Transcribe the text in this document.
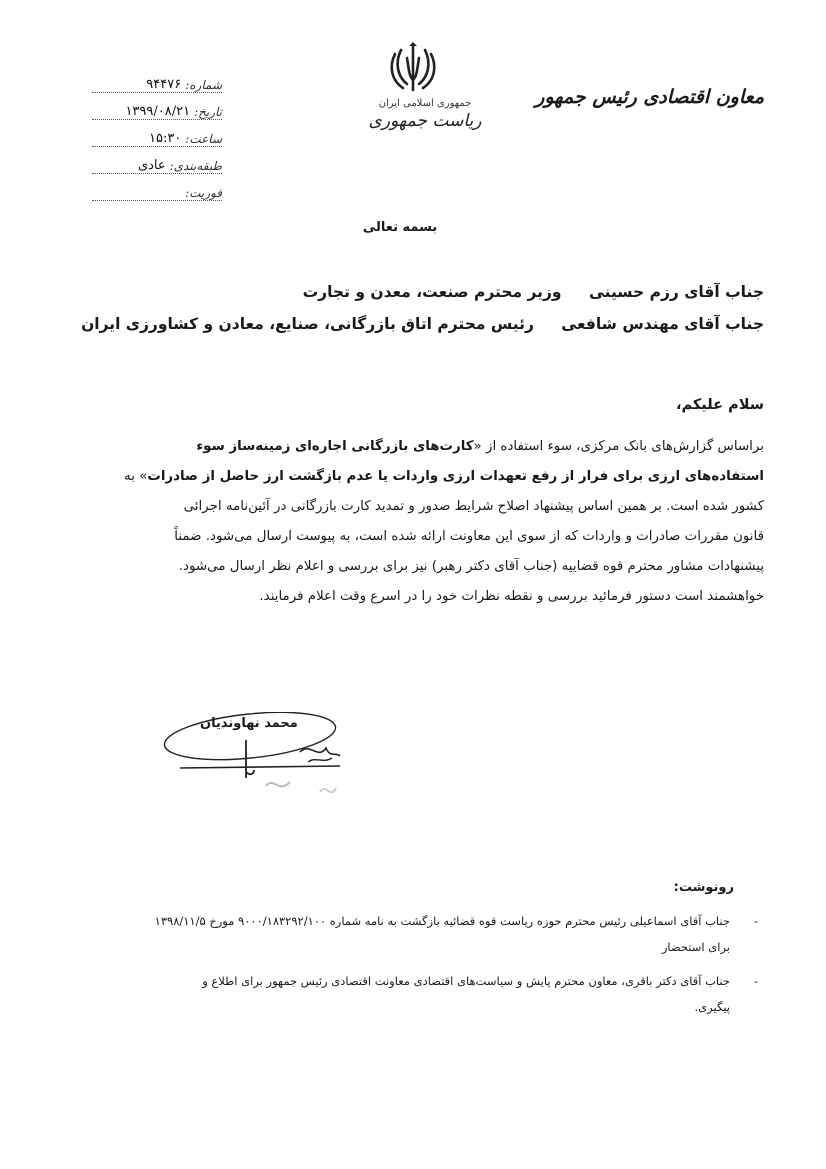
جمهوری اسلامی ایران
ریاست جمهوری
معاون اقتصادی رئیس جمهور
شماره:
۹۴۴۷۶
تاریخ:
۱۳۹۹/۰۸/۲۱
ساعت:
۱۵:۳۰
طبقه‌بندی:
عادی
فوریت:
بسمه تعالی
جناب آقای رزم حسینی وزیر محترم صنعت، معدن و تجارت
جناب آقای مهندس شافعی رئیس محترم اتاق بازرگانی، صنایع، معادن و کشاورزی ایران
سلام علیکم،
براساس گزارش‌های بانک مرکزی، سوء استفاده از «کارت‌های بازرگانی اجاره‌ای زمینه‌ساز سوء
استفاده‌های ارزی برای فرار از رفع تعهدات ارزی واردات یا عدم بازگشت ارز حاصل از صادرات» به
کشور شده است. بر همین اساس پیشنهاد اصلاح شرایط صدور و تمدید کارت بازرگانی در آئین‌نامه اجرائی
قانون مقررات صادرات و واردات که از سوی این معاونت ارائه شده است، به پیوست ارسال می‌شود. ضمناً
پیشنهادات مشاور محترم قوه قضاییه (جناب آقای دکتر رهبر) نیز برای بررسی و اعلام نظر ارسال می‌شود.
خواهشمند است دستور فرمائید بررسی و نقطه نظرات خود را در اسرع وقت اعلام فرمایند.
محمد نهاوندیان
رونوشت:
-
جناب آقای اسماعیلی رئیس محترم حوزه ریاست قوه قضائیه بازگشت به نامه شماره ۹۰۰۰/۱۸۳۲۹۲/۱۰۰ مورخ ۱۳۹۸/۱۱/۵
برای استحضار
-
جناب آقای دکتر باقری، معاون محترم پایش و سیاست‌های اقتصادی معاونت اقتصادی رئیس جمهور برای اطلاع و
پیگیری.
